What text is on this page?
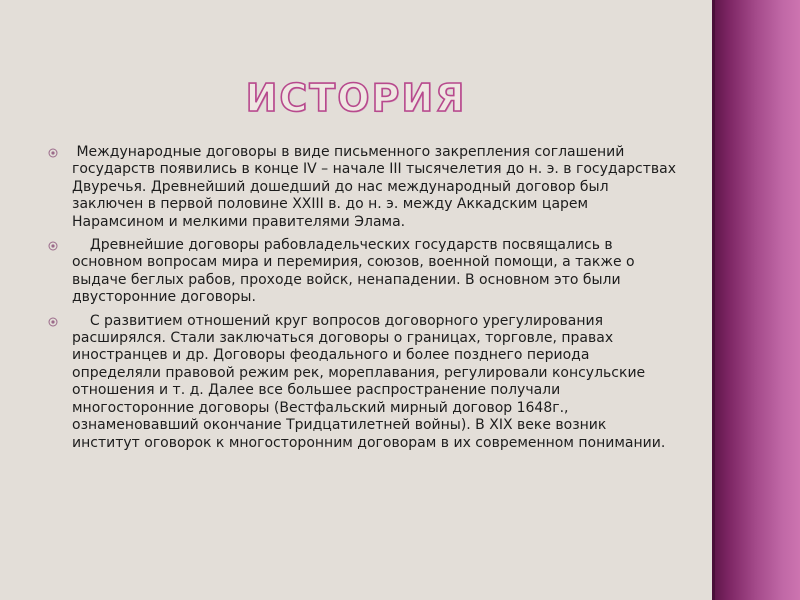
ИСТОРИЯ
Международные договоры в виде письменного закрепления соглашений государств появились в конце IV – начале III тысячелетия до н. э. в государствах Двуречья. Древнейший дошедший до нас международный договор был заключен в первой половине XXIII в. до н. э. между Аккадским царем Нарамсином и мелкими правителями Элама.
Древнейшие договоры рабовладельческих государств посвящались в основном вопросам мира и перемирия, союзов, военной помощи, а также о выдаче беглых рабов, проходе войск, ненападении. В основном это были двусторонние договоры.
С развитием отношений круг вопросов договорного урегулирования расширялся. Стали заключаться договоры о границах, торговле, правах иностранцев и др. Договоры феодального и более позднего периода определяли правовой режим рек, мореплавания, регулировали консульские отношения и т. д. Далее все большее распространение получали многосторонние договоры (Вестфальский мирный договор 1648г., ознаменовавший окончание Тридцатилетней войны). В XIX веке возник институт оговорок к многосторонним договорам в их современном понимании.
